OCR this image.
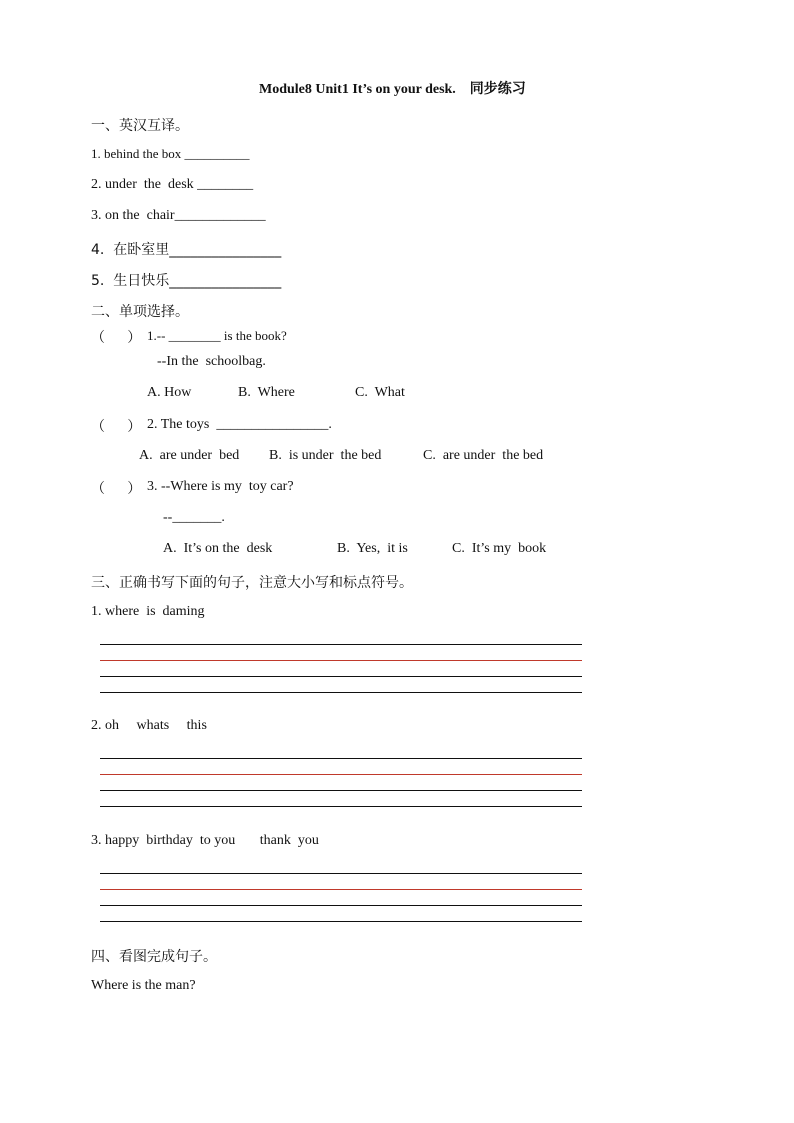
Module8 Unit1 It’s on your desk.    同步练习
一、英汉互译。
1. behind the box __________
2. under  the  desk ________
3. on the  chair_____________
4.  在卧室里________________
5.  生日快乐________________
二、单项选择。
（     ） 1.-- ________ is the book?
--In the  schoolbag.
A. How	B.  Where	C.  What
（     ） 2. The toys  ________________.
A.  are under  bed B.  is under  the bed	C.  are under  the bed
（     ） 3. --Where is my  toy car?
--_______.
A.  It’s on the  desk	B.  Yes,  it is	C.  It’s my  book
三、正确书写下面的句子，注意大小写和标点符号。
1. where  is  daming
2. oh     whats     this
3. happy  birthday  to you       thank  you
四、看图完成句子。
Where is the man?
